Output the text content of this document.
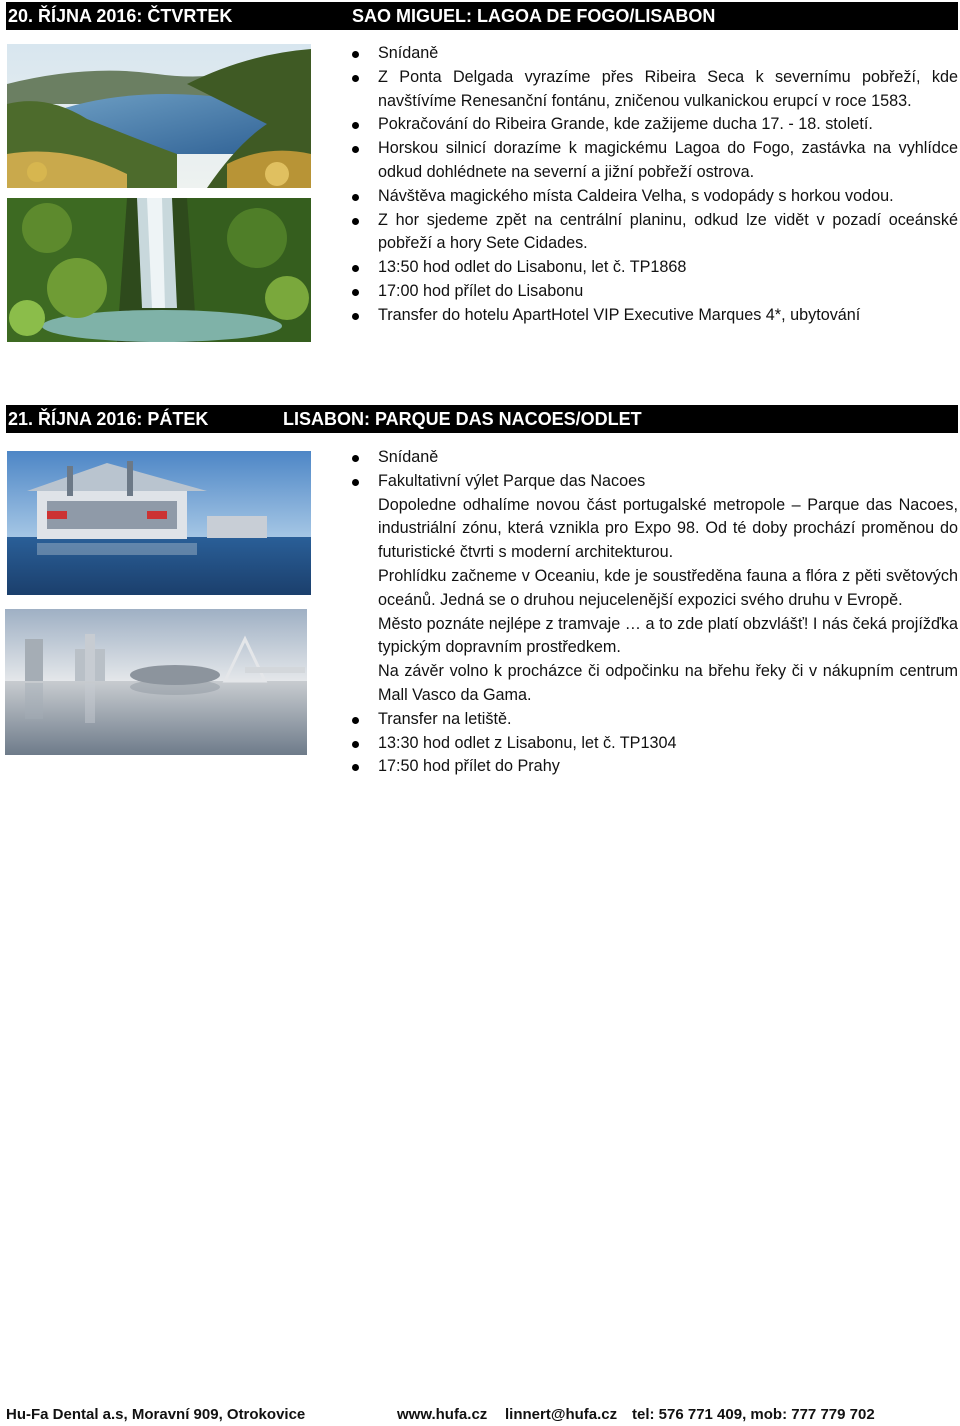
20. ŘÍJNA 2016: ČTVRTEK	SAO MIGUEL: LAGOA DE FOGO/LISABON
Snídaně
Z Ponta Delgada vyrazíme přes Ribeira Seca k severnímu pobřeží, kde navštívíme Renesanční fontánu, zničenou vulkanickou erupcí v roce 1583.
Pokračování do Ribeira Grande, kde zažijeme ducha 17. - 18. století.
Horskou silnicí dorazíme k magickému Lagoa do Fogo, zastávka na vyhlídce odkud dohlédnete na severní a jižní pobřeží ostrova.
Návštěva magického místa Caldeira Velha, s vodopády s horkou vodou.
Z hor sjedeme zpět na centrální planinu, odkud lze vidět v pozadí oceánské pobřeží a hory Sete Cidades.
13:50 hod odlet do Lisabonu, let č. TP1868
17:00 hod přílet do Lisabonu
Transfer do hotelu ApartHotel VIP Executive Marques 4*, ubytování
21. ŘÍJNA 2016: PÁTEK	LISABON: PARQUE DAS NACOES/ODLET
Snídaně

Fakultativní výlet Parque das Nacoes

Dopoledne odhalíme novou část portugalské metropole – Parque das Nacoes, industriální zónu, která vznikla pro Expo 98. Od té doby prochází proměnou do futuristické čtvrti s moderní architekturou.

Prohlídku začneme v Oceaniu, kde je soustředěna fauna a flóra z pěti světových oceánů. Jedná se o druhou nejucelenější expozici svého druhu v Evropě.

Město poznáte nejlépe z tramvaje … a to zde platí obzvlášť! I nás čeká projížďka typickým dopravním prostředkem.

Na závěr volno k procházce či odpočinku na břehu řeky či v nákupním centrum Mall Vasco da Gama.

Transfer na letiště.
13:30 hod odlet z Lisabonu, let č. TP1304
17:50 hod přílet do Prahy
Hu-Fa Dental a.s, Moravní 909, Otrokovice	www.hufa.cz linnert@hufa.cz tel: 576 771 409, mob: 777 779 702
